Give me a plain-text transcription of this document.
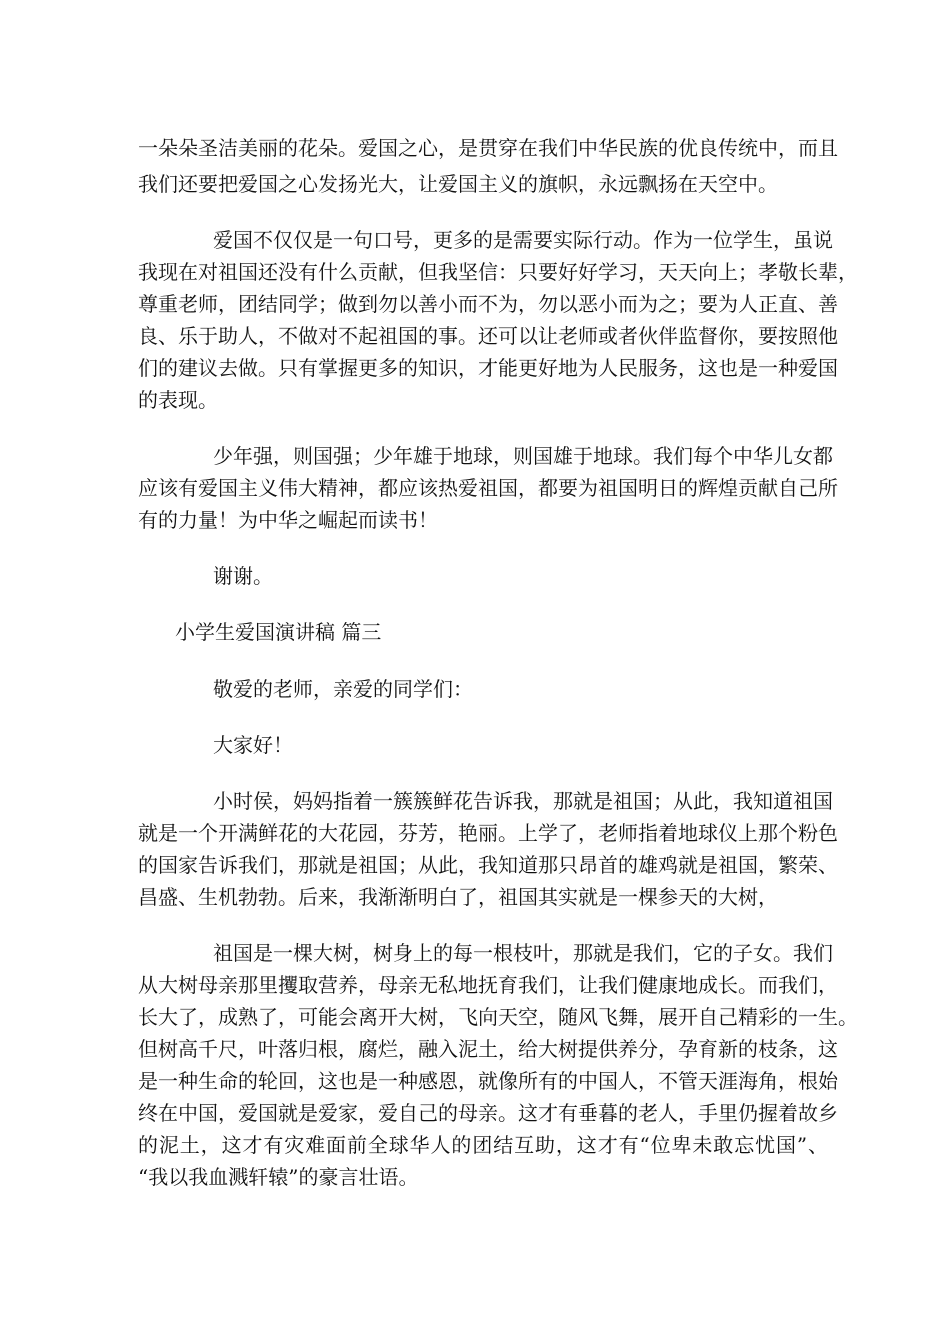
一朵朵圣洁美丽的花朵。爱国之心，是贯穿在我们中华民族的优良传统中，而且

我们还要把爱国之心发扬光大，让爱国主义的旗帜，永远飘扬在天空中。

爱国不仅仅是一句口号，更多的是需要实际行动。作为一位学生，虽说

我现在对祖国还没有什么贡献，但我坚信：只要好好学习，天天向上；孝敬长辈，

尊重老师，团结同学；做到勿以善小而不为，勿以恶小而为之；要为人正直、善

良、乐于助人，不做对不起祖国的事。还可以让老师或者伙伴监督你，要按照他

们的建议去做。只有掌握更多的知识，才能更好地为人民服务，这也是一种爱国

的表现。

少年强，则国强；少年雄于地球，则国雄于地球。我们每个中华儿女都

应该有爱国主义伟大精神，都应该热爱祖国，都要为祖国明日的辉煌贡献自己所

有的力量！为中华之崛起而读书！

谢谢。

小学生爱国演讲稿 篇三

敬爱的老师，亲爱的同学们：

大家好！

小时侯，妈妈指着一簇簇鲜花告诉我，那就是祖国；从此，我知道祖国

就是一个开满鲜花的大花园，芬芳，艳丽。上学了，老师指着地球仪上那个粉色

的国家告诉我们，那就是祖国；从此，我知道那只昂首的雄鸡就是祖国，繁荣、

昌盛、生机勃勃。后来，我渐渐明白了，祖国其实就是一棵参天的大树，

祖国是一棵大树，树身上的每一根枝叶，那就是我们，它的子女。我们

从大树母亲那里攫取营养，母亲无私地抚育我们，让我们健康地成长。而我们，

长大了，成熟了，可能会离开大树，飞向天空，随风飞舞，展开自己精彩的一生。

但树高千尺，叶落归根，腐烂，融入泥土，给大树提供养分，孕育新的枝条，这

是一种生命的轮回，这也是一种感恩，就像所有的中国人，不管天涯海角，根始

终在中国，爱国就是爱家，爱自己的母亲。这才有垂暮的老人，手里仍握着故乡

的泥土，这才有灾难面前全球华人的团结互助，这才有“位卑未敢忘忧国”、

“我以我血溅轩辕”的豪言壮语。
